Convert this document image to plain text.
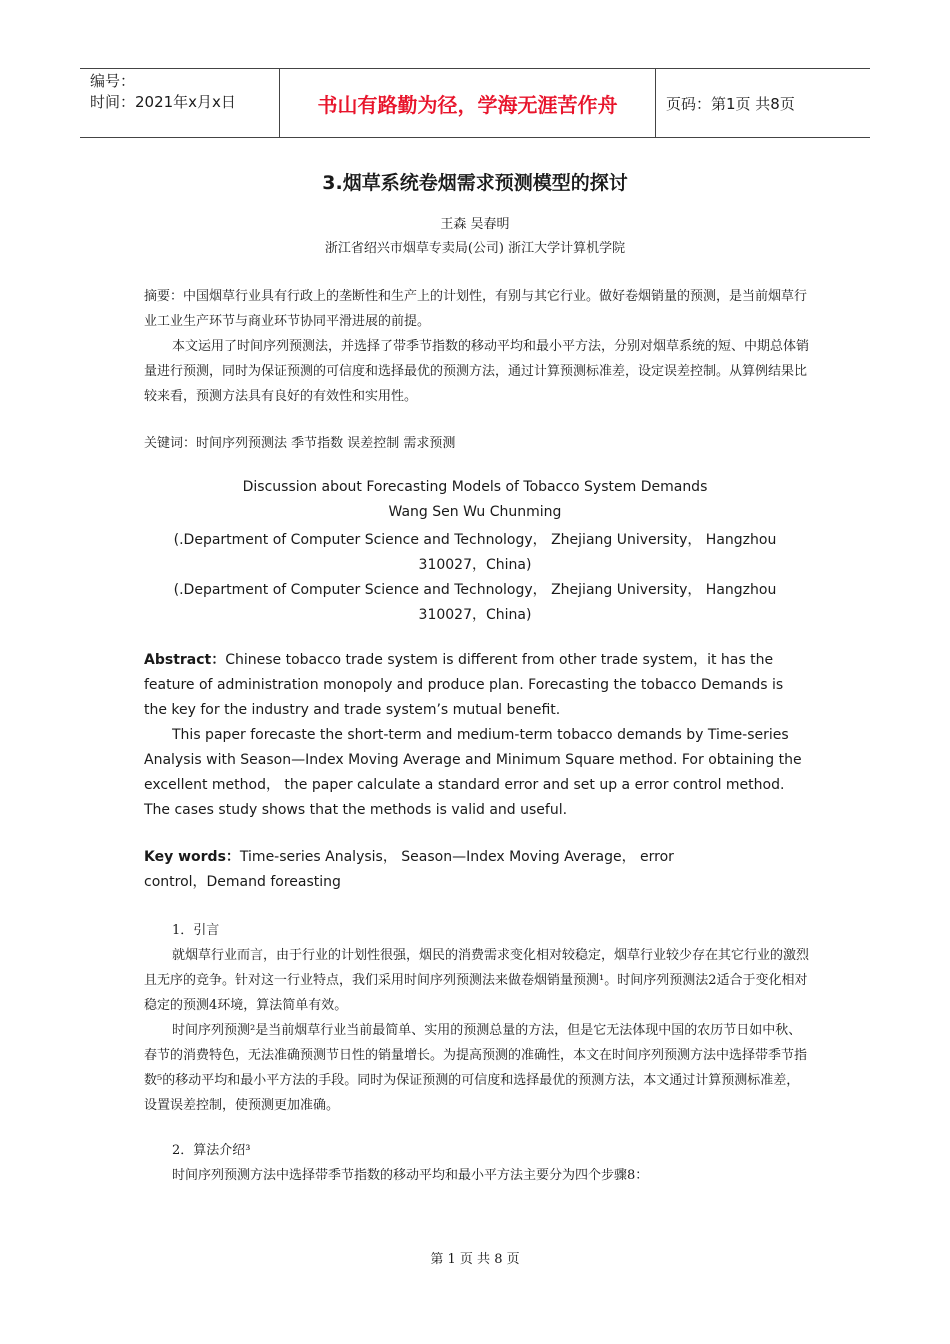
编号：
时间：2021年x月x日	书山有路勤为径，学海无涯苦作舟	页码：第1页 共8页
3.烟草系统卷烟需求预测模型的探讨
王森 吴春明
浙江省绍兴市烟草专卖局(公司) 浙江大学计算机学院

摘要：中国烟草行业具有行政上的垄断性和生产上的计划性，有别与其它行业。做好卷烟销量的预测，是当前烟草行业工业生产环节与商业环节协同平滑进展的前提。

本文运用了时间序列预测法，并选择了带季节指数的移动平均和最小平方法，分别对烟草系统的短、中期总体销量进行预测，同时为保证预测的可信度和选择最优的预测方法，通过计算预测标准差，设定误差控制。从算例结果比较来看，预测方法具有良好的有效性和实用性。

关键词：时间序列预测法 季节指数 误差控制 需求预测
Discussion about Forecasting Models of Tobacco System Demands
Wang Sen Wu Chunming
(.Department of Computer Science and Technology， Zhejiang University， Hangzhou
310027，China)
(.Department of Computer Science and Technology， Zhejiang University， Hangzhou
310027，China)

Abstract：Chinese tobacco trade system is different from other trade system，it has the feature of administration monopoly and produce plan. Forecasting the tobacco Demands is the key for the industry and trade system’s mutual benefit.

This paper forecaste the short-term and medium-term tobacco demands by Time-series Analysis with Season—Index Moving Average and Minimum Square method. For obtaining the excellent method， the paper calculate a standard error and set up a error control method. The cases study shows that the methods is valid and useful.

Key words：Time-series Analysis， Season—Index Moving Average， error control，Demand foreasting

1．引言

就烟草行业而言，由于行业的计划性很强，烟民的消费需求变化相对较稳定，烟草行业较少存在其它行业的激烈且无序的竞争。针对这一行业特点，我们采用时间序列预测法来做卷烟销量预测¹。时间序列预测法2适合于变化相对稳定的预测4环境，算法简单有效。

时间序列预测²是当前烟草行业当前最简单、实用的预测总量的方法，但是它无法体现中国的农历节日如中秋、春节的消费特色，无法准确预测节日性的销量增长。为提高预测的准确性，本文在时间序列预测方法中选择带季节指数⁵的移动平均和最小平方法的手段。同时为保证预测的可信度和选择最优的预测方法，本文通过计算预测标准差，设置误差控制，使预测更加准确。

2．算法介绍³

时间序列预测方法中选择带季节指数的移动平均和最小平方法主要分为四个步骤8：

第 1 页 共 8 页
